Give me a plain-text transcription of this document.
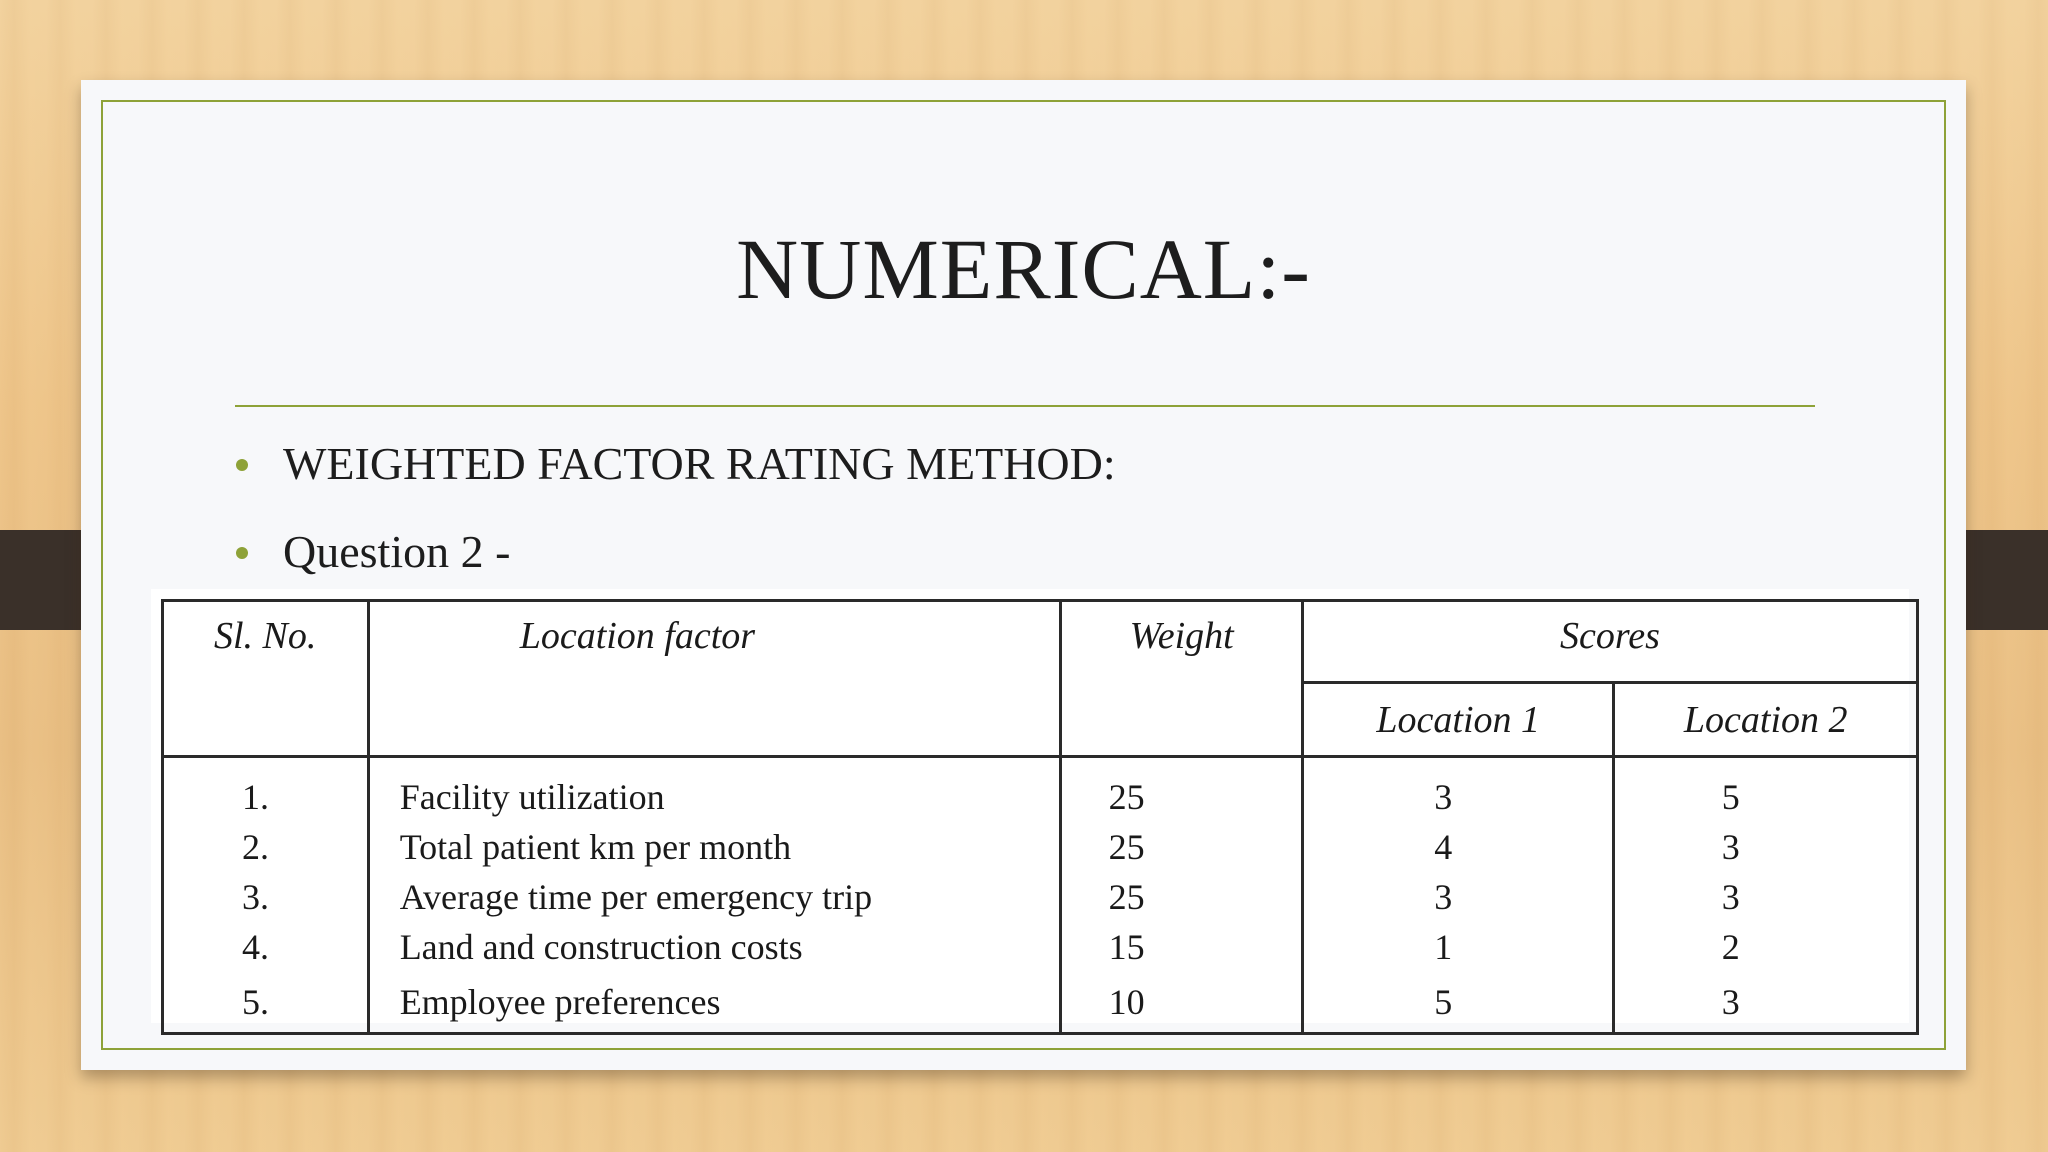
NUMERICAL:-
WEIGHTED FACTOR RATING METHOD:
Question 2 -
Sl. No.	Location factor	Weight	Scores	
			Location 1	Location 2
1.	Facility utilization	25	3	5
2.	Total patient km per month	25	4	3
3.	Average time per emergency trip	25	3	3
4.	Land and construction costs	15	1	2
5.	Employee preferences	10	5	3
